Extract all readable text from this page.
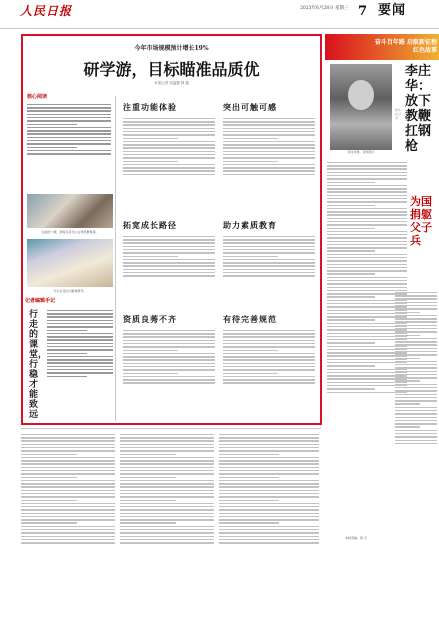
人民日报	2023年6月28日 星期三 7 要闻
今年市场规模预计增长19%
研学游，目标瞄准品质优
本报记者 刘温馨 韩 鑫
核心阅读
在湖北十堰，游客在武当山古建筑群参观。
学生在景区内参观研学。
注重功能体验	突出可触可感
拓宽成长路径	助力素质教育
资质良莠不齐	有待完善规范
记者编辑手记
行走的课堂，行稳才能致远
奋斗百年路 启航新征程
红色故事
李庄华像。资料图片
李庄华：放下教鞭扛钢枪
新华社记者
为国捐躯父子兵
本版责编：程 宇
